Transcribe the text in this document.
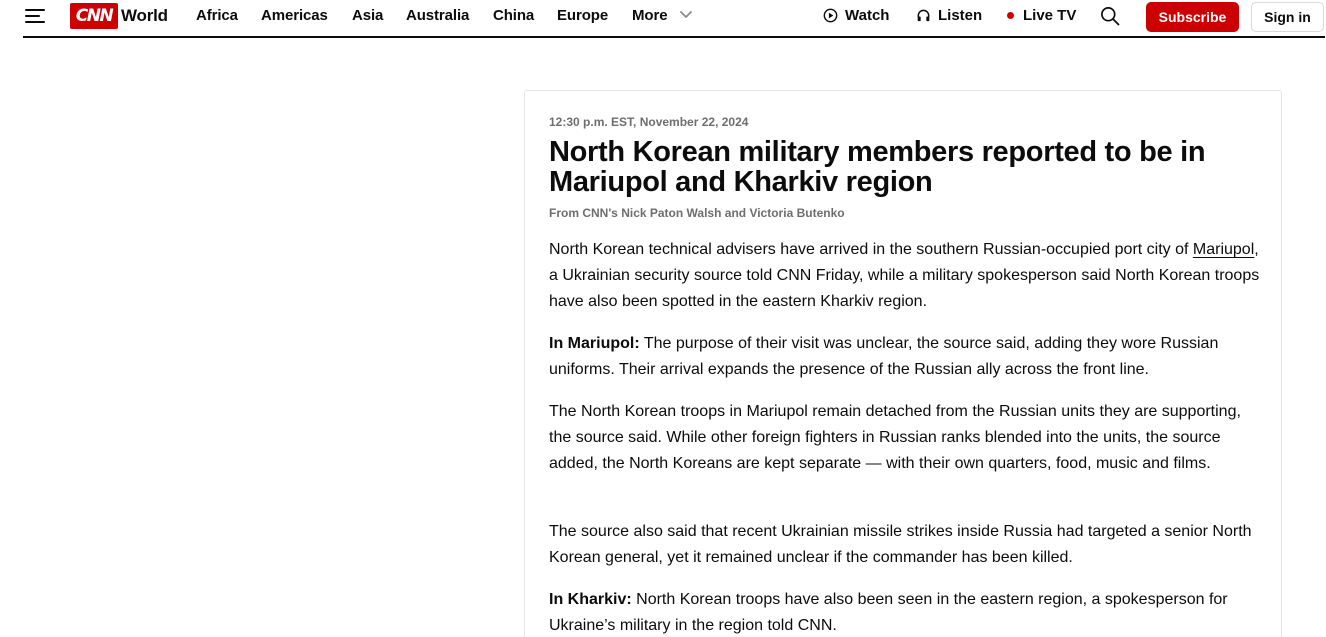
CNN World Africa Americas Asia Australia China Europe More	Watch	Listen	Live TV	Subscribe	Sign in
12:30 p.m. EST, November 22, 2024
North Korean military members reported to be in Mariupol and Kharkiv region
From CNN's Nick Paton Walsh and Victoria Butenko

North Korean technical advisers have arrived in the southern Russian-occupied port city of Mariupol, a Ukrainian security source told CNN Friday, while a military spokesperson said North Korean troops have also been spotted in the eastern Kharkiv region.

In Mariupol: The purpose of their visit was unclear, the source said, adding they wore Russian uniforms. Their arrival expands the presence of the Russian ally across the front line.

The North Korean troops in Mariupol remain detached from the Russian units they are supporting, the source said. While other foreign fighters in Russian ranks blended into the units, the source added, the North Koreans are kept separate — with their own quarters, food, music and films.

The source also said that recent Ukrainian missile strikes inside Russia had targeted a senior North Korean general, yet it remained unclear if the commander has been killed.

In Kharkiv: North Korean troops have also been seen in the eastern region, a spokesperson for Ukraine’s military in the region told CNN.
